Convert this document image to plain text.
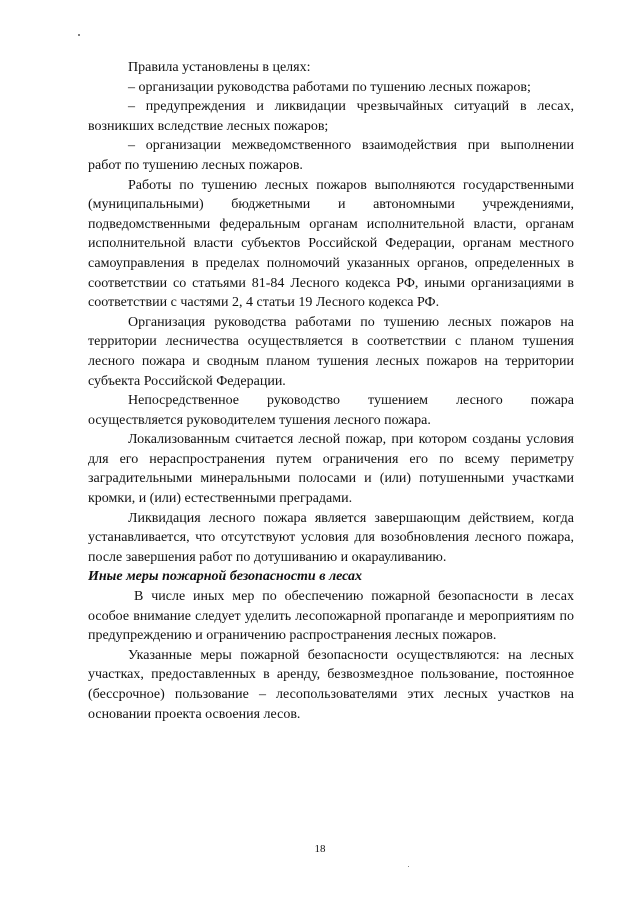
Правила установлены в целях:

– организации руководства работами по тушению лесных пожаров;

– предупреждения и ликвидации чрезвычайных ситуаций в лесах, возникших вследствие лесных пожаров;

– организации межведомственного взаимодействия при выполнении работ по тушению лесных пожаров.

Работы по тушению лесных пожаров выполняются государственными (муниципальными) бюджетными и автономными учреждениями, подведомственными федеральным органам исполнительной власти, органам исполнительной власти субъектов Российской Федерации, органам местного самоуправления в пределах полномочий указанных органов, определенных в соответствии со статьями 81-84 Лесного кодекса РФ, иными организациями в соответствии с частями 2, 4 статьи 19 Лесного кодекса РФ.

Организация руководства работами по тушению лесных пожаров на территории лесничества осуществляется в соответствии с планом тушения лесного пожара и сводным планом тушения лесных пожаров на территории субъекта Российской Федерации.

Непосредственное руководство тушением лесного пожара осуществляется руководителем тушения лесного пожара.

Локализованным считается лесной пожар, при котором созданы условия для его нераспространения путем ограничения его по всему периметру заградительными минеральными полосами и (или) потушенными участками кромки, и (или) естественными преградами.

Ликвидация лесного пожара является завершающим действием, когда устанавливается, что отсутствуют условия для возобновления лесного пожара, после завершения работ по дотушиванию и окарауливанию.

Иные меры пожарной безопасности в лесах

В числе иных мер по обеспечению пожарной безопасности в лесах особое внимание следует уделить лесопожарной пропаганде и мероприятиям по предупреждению и ограничению распространения лесных пожаров.

Указанные меры пожарной безопасности осуществляются: на лесных участках, предоставленных в аренду, безвозмездное пользование, постоянное (бессрочное) пользование – лесопользователями этих лесных участков на основании проекта освоения лесов.

18
